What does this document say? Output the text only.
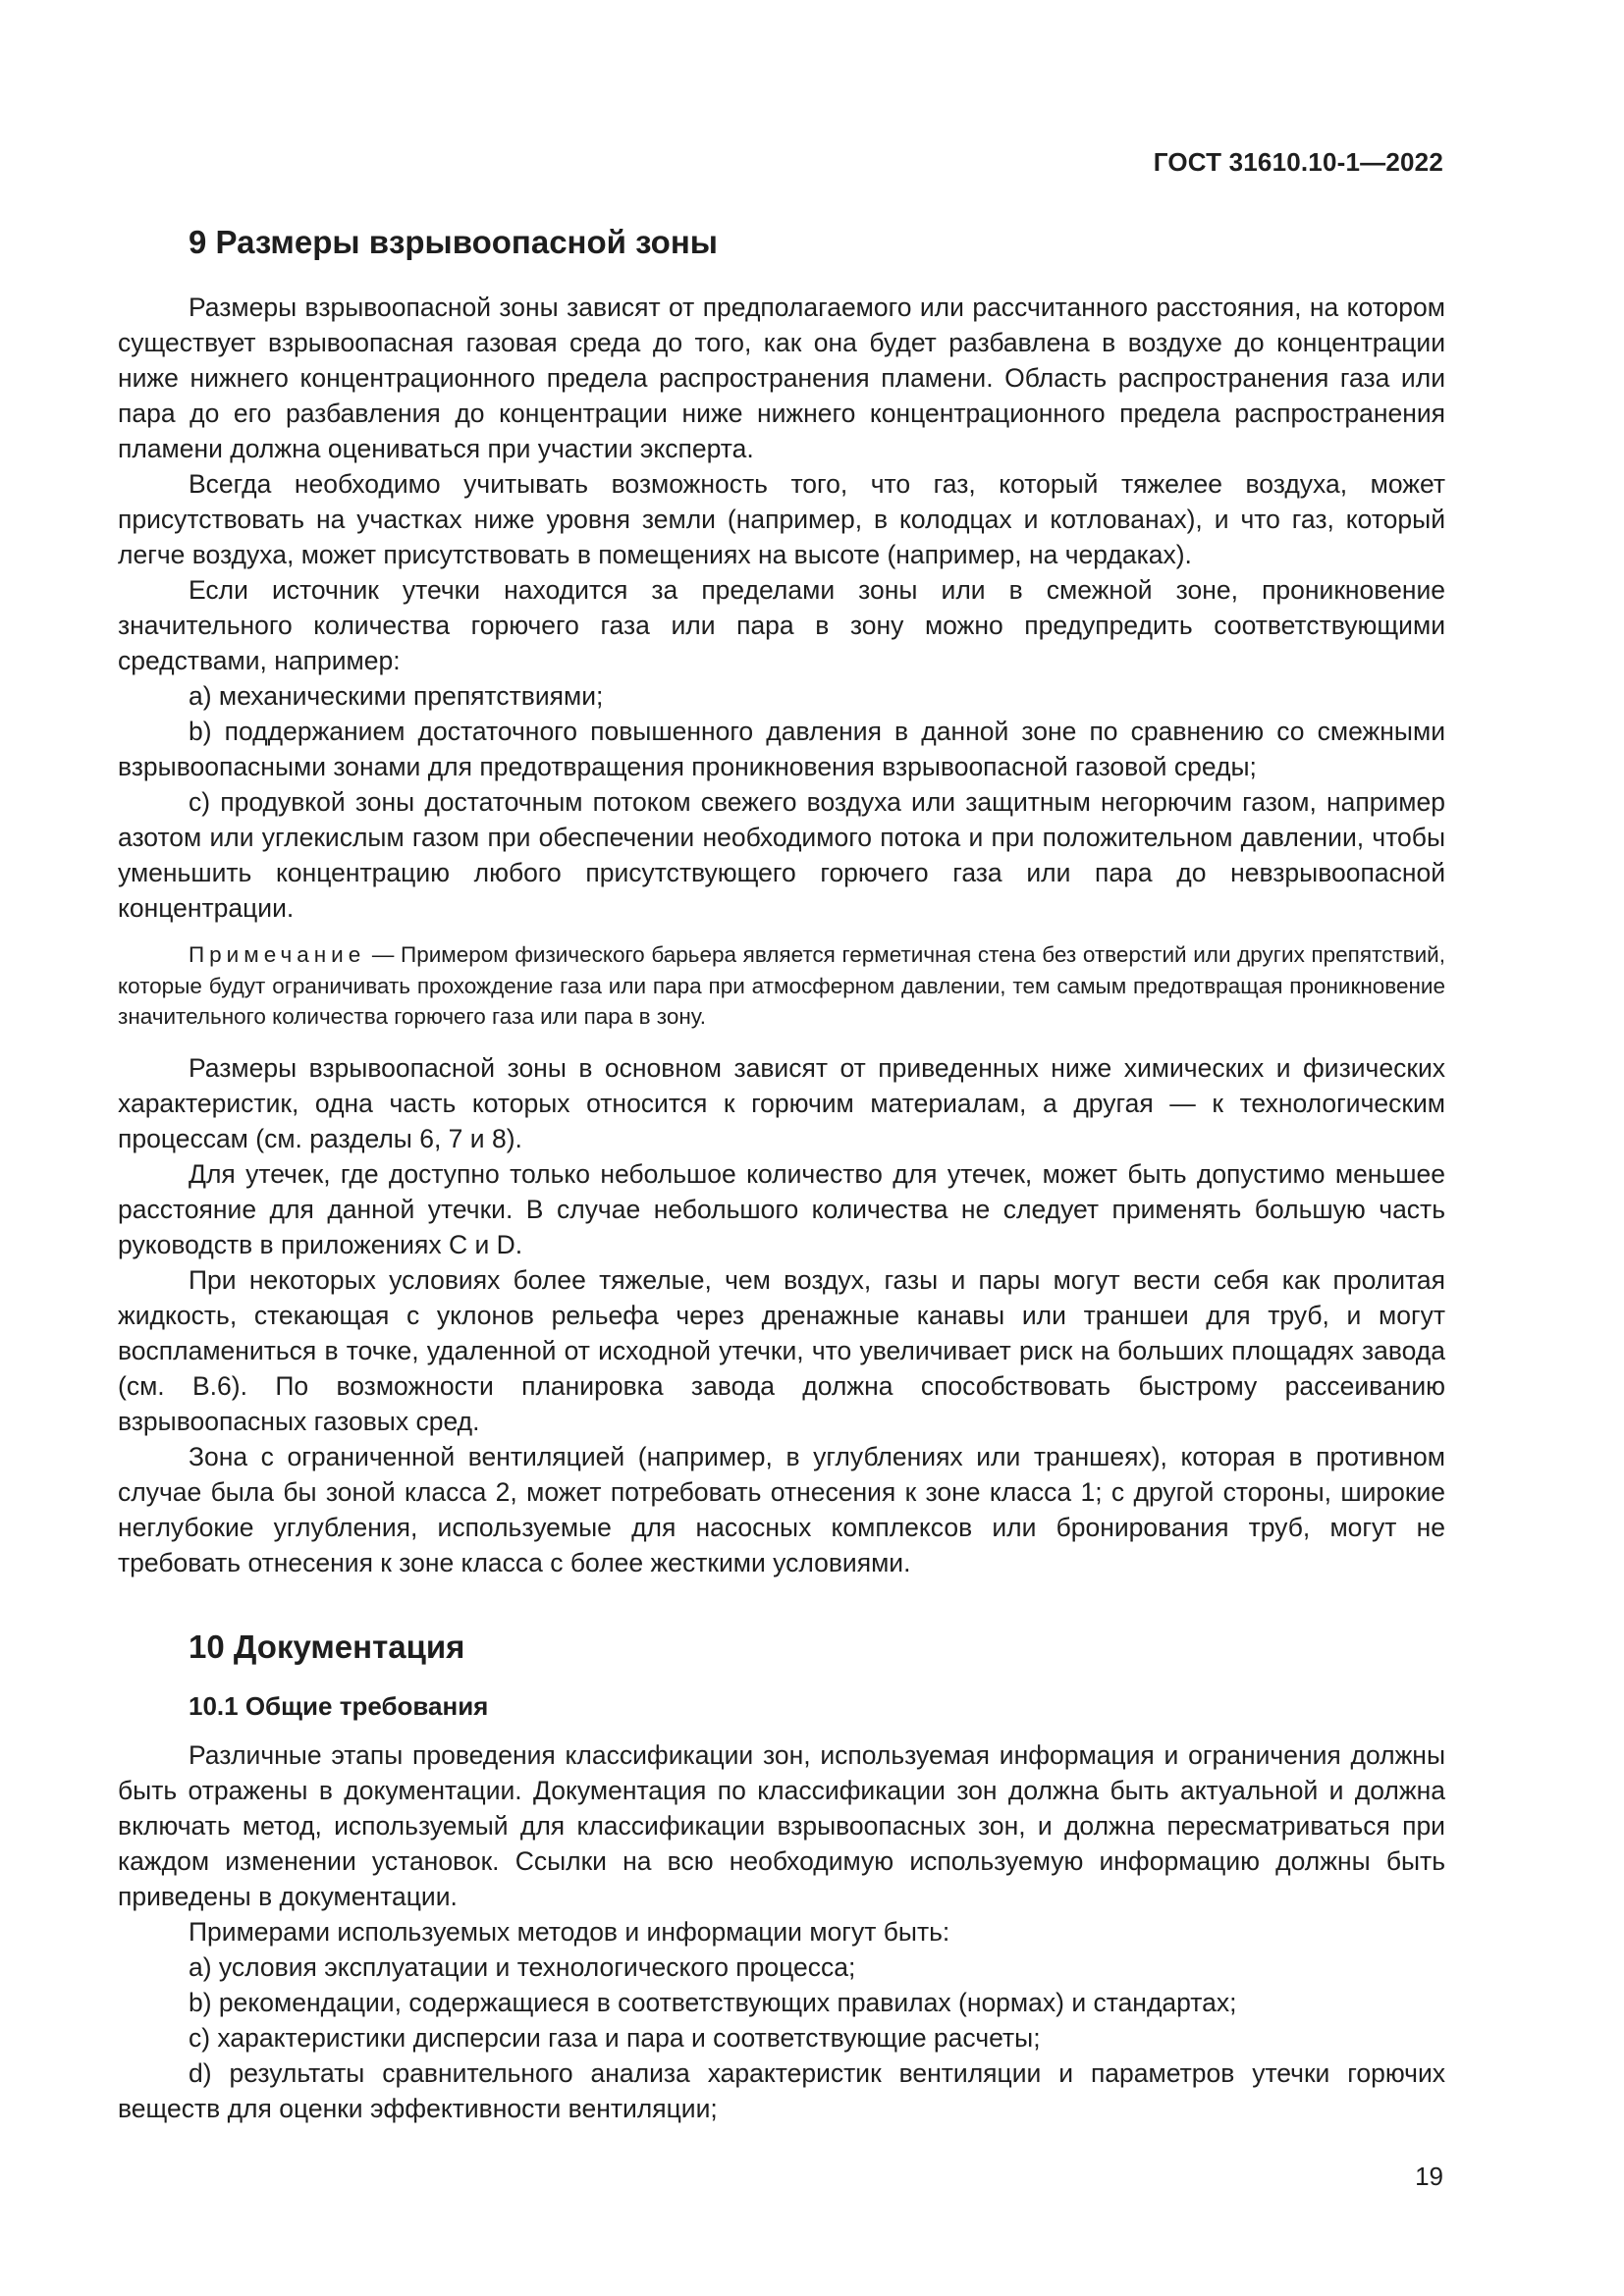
ГОСТ 31610.10-1—2022
9 Размеры взрывоопасной зоны

Размеры взрывоопасной зоны зависят от предполагаемого или рассчитанного расстояния, на котором существует взрывоопасная газовая среда до того, как она будет разбавлена в воздухе до концентрации ниже нижнего концентрационного предела распространения пламени. Область распространения газа или пара до его разбавления до концентрации ниже нижнего концентрационного предела распространения пламени должна оцениваться при участии эксперта.

Всегда необходимо учитывать возможность того, что газ, который тяжелее воздуха, может присутствовать на участках ниже уровня земли (например, в колодцах и котлованах), и что газ, который легче воздуха, может присутствовать в помещениях на высоте (например, на чердаках).

Если источник утечки находится за пределами зоны или в смежной зоне, проникновение значительного количества горючего газа или пара в зону можно предупредить соответствующими средствами, например:

a) механическими препятствиями;

b) поддержанием достаточного повышенного давления в данной зоне по сравнению со смежными взрывоопасными зонами для предотвращения проникновения взрывоопасной газовой среды;

c) продувкой зоны достаточным потоком свежего воздуха или защитным негорючим газом, например азотом или углекислым газом при обеспечении необходимого потока и при положительном давлении, чтобы уменьшить концентрацию любого присутствующего горючего газа или пара до невзрывоопасной концентрации.

Примечание — Примером физического барьера является герметичная стена без отверстий или других препятствий, которые будут ограничивать прохождение газа или пара при атмосферном давлении, тем самым предотвращая проникновение значительного количества горючего газа или пара в зону.

Размеры взрывоопасной зоны в основном зависят от приведенных ниже химических и физических характеристик, одна часть которых относится к горючим материалам, а другая — к технологическим процессам (см. разделы 6, 7 и 8).

Для утечек, где доступно только небольшое количество для утечек, может быть допустимо меньшее расстояние для данной утечки. В случае небольшого количества не следует применять большую часть руководств в приложениях C и D.

При некоторых условиях более тяжелые, чем воздух, газы и пары могут вести себя как пролитая жидкость, стекающая с уклонов рельефа через дренажные канавы или траншеи для труб, и могут воспламениться в точке, удаленной от исходной утечки, что увеличивает риск на больших площадях завода (см. B.6). По возможности планировка завода должна способствовать быстрому рассеиванию взрывоопасных газовых сред.

Зона с ограниченной вентиляцией (например, в углублениях или траншеях), которая в противном случае была бы зоной класса 2, может потребовать отнесения к зоне класса 1; с другой стороны, широкие неглубокие углубления, используемые для насосных комплексов или бронирования труб, могут не требовать отнесения к зоне класса с более жесткими условиями.

10 Документация
10.1 Общие требования

Различные этапы проведения классификации зон, используемая информация и ограничения должны быть отражены в документации. Документация по классификации зон должна быть актуальной и должна включать метод, используемый для классификации взрывоопасных зон, и должна пересматриваться при каждом изменении установок. Ссылки на всю необходимую используемую информацию должны быть приведены в документации.

Примерами используемых методов и информации могут быть:

a) условия эксплуатации и технологического процесса;

b) рекомендации, содержащиеся в соответствующих правилах (нормах) и стандартах;

c) характеристики дисперсии газа и пара и соответствующие расчеты;

d) результаты сравнительного анализа характеристик вентиляции и параметров утечки горючих веществ для оценки эффективности вентиляции;

19
